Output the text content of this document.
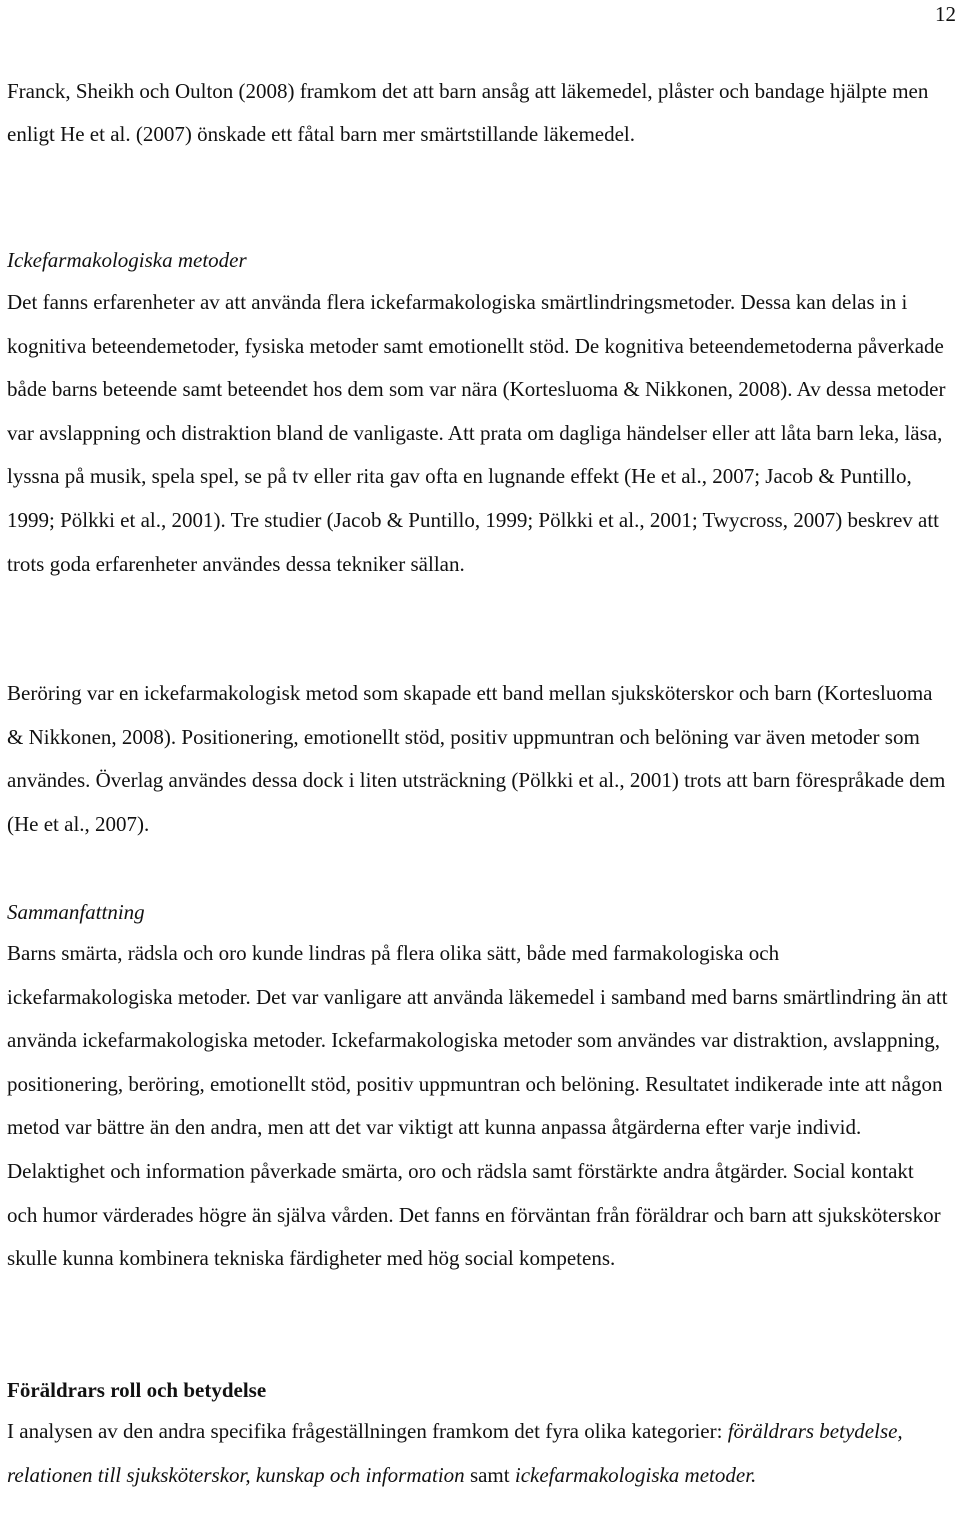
12

Franck, Sheikh och Oulton (2008) framkom det att barn ansåg att läkemedel, plåster och bandage hjälpte men enligt He et al. (2007) önskade ett fåtal barn mer smärtstillande läkemedel.

Ickefarmakologiska metoder

Det fanns erfarenheter av att använda flera ickefarmakologiska smärtlindringsmetoder. Dessa kan delas in i kognitiva beteendemetoder, fysiska metoder samt emotionellt stöd. De kognitiva beteendemetoderna påverkade både barns beteende samt beteendet hos dem som var nära (Kortesluoma & Nikkonen, 2008). Av dessa metoder var avslappning och distraktion bland de vanligaste. Att prata om dagliga händelser eller att låta barn leka, läsa, lyssna på musik, spela spel, se på tv eller rita gav ofta en lugnande effekt (He et al., 2007; Jacob & Puntillo, 1999; Pölkki et al., 2001). Tre studier (Jacob & Puntillo, 1999; Pölkki et al., 2001; Twycross, 2007) beskrev att trots goda erfarenheter användes dessa tekniker sällan.

Beröring var en ickefarmakologisk metod som skapade ett band mellan sjuksköterskor och barn (Kortesluoma & Nikkonen, 2008). Positionering, emotionellt stöd, positiv uppmuntran och belöning var även metoder som användes. Överlag användes dessa dock i liten utsträckning (Pölkki et al., 2001) trots att barn förespråkade dem (He et al., 2007).

Sammanfattning

Barns smärta, rädsla och oro kunde lindras på flera olika sätt, både med farmakologiska och ickefarmakologiska metoder. Det var vanligare att använda läkemedel i samband med barns smärtlindring än att använda ickefarmakologiska metoder. Ickefarmakologiska metoder som användes var distraktion, avslappning, positionering, beröring, emotionellt stöd, positiv uppmuntran och belöning. Resultatet indikerade inte att någon metod var bättre än den andra, men att det var viktigt att kunna anpassa åtgärderna efter varje individ. Delaktighet och information påverkade smärta, oro och rädsla samt förstärkte andra åtgärder. Social kontakt och humor värderades högre än själva vården. Det fanns en förväntan från föräldrar och barn att sjuksköterskor skulle kunna kombinera tekniska färdigheter med hög social kompetens.

Föräldrars roll och betydelse

I analysen av den andra specifika frågeställningen framkom det fyra olika kategorier: föräldrars betydelse, relationen till sjuksköterskor, kunskap och information samt ickefarmakologiska metoder.
